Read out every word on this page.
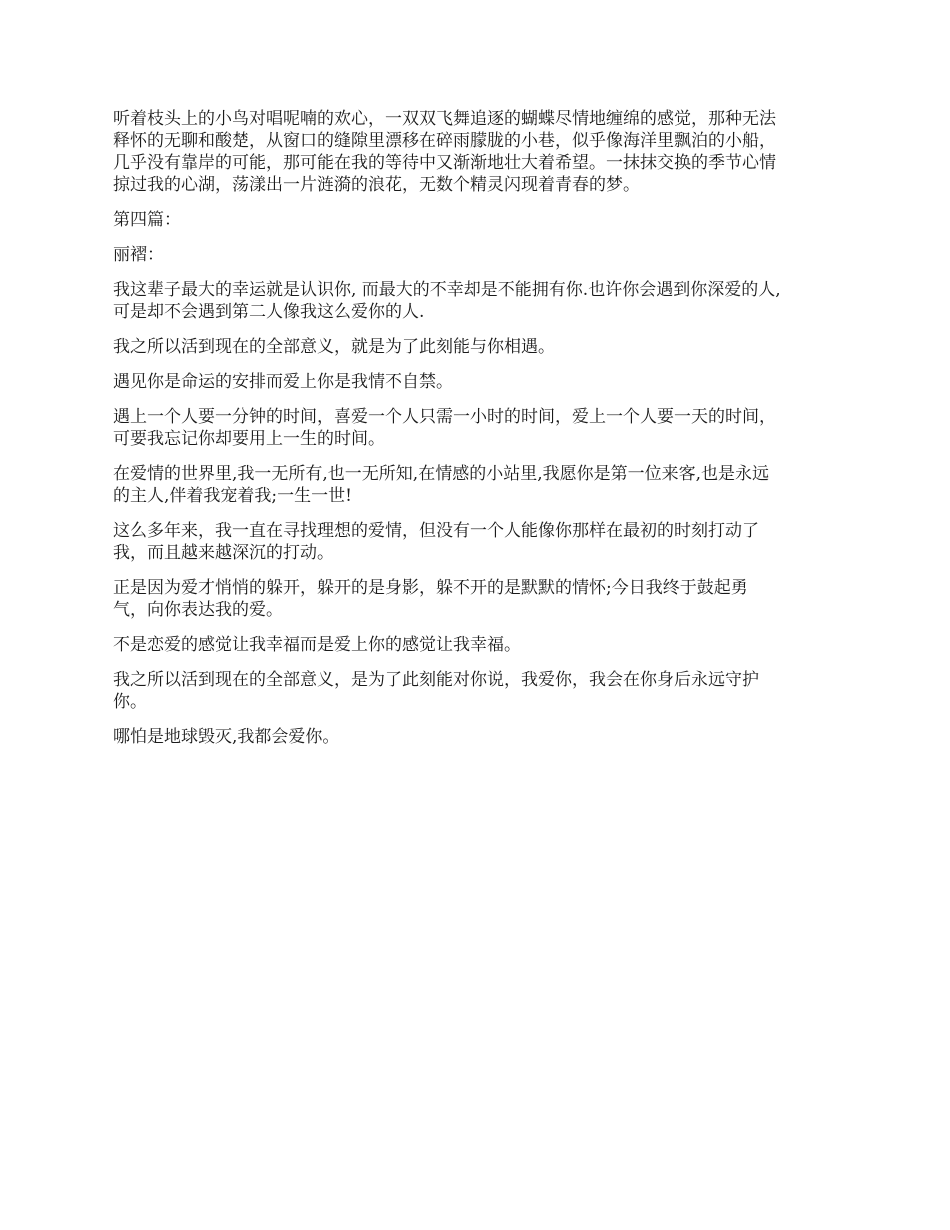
听着枝头上的小鸟对唱呢喃的欢心，一双双飞舞追逐的蝴蝶尽情地缠绵的感觉，那种无法
释怀的无聊和酸楚，从窗口的缝隙里漂移在碎雨朦胧的小巷，似乎像海洋里飘泊的小船，
几乎没有靠岸的可能，那可能在我的等待中又渐渐地壮大着希望。一抹抹交换的季节心情
掠过我的心湖，荡漾出一片涟漪的浪花，无数个精灵闪现着青春的梦。

第四篇：

丽褶：

我这辈子最大的幸运就是认识你, 而最大的不幸却是不能拥有你.也许你会遇到你深爱的人,
可是却不会遇到第二人像我这么爱你的人.

我之所以活到现在的全部意义，就是为了此刻能与你相遇。

遇见你是命运的安排而爱上你是我情不自禁。

遇上一个人要一分钟的时间，喜爱一个人只需一小时的时间，爱上一个人要一天的时间，
可要我忘记你却要用上一生的时间。

在爱情的世界里,我一无所有,也一无所知,在情感的小站里,我愿你是第一位来客,也是永远
的主人,伴着我宠着我;一生一世!

这么多年来，我一直在寻找理想的爱情，但没有一个人能像你那样在最初的时刻打动了
我，而且越来越深沉的打动。

正是因为爱才悄悄的躲开，躲开的是身影，躲不开的是默默的情怀;今日我终于鼓起勇
气，向你表达我的爱。

不是恋爱的感觉让我幸福而是爱上你的感觉让我幸福。

我之所以活到现在的全部意义，是为了此刻能对你说，我爱你，我会在你身后永远守护
你。

哪怕是地球毁灭,我都会爱你。
